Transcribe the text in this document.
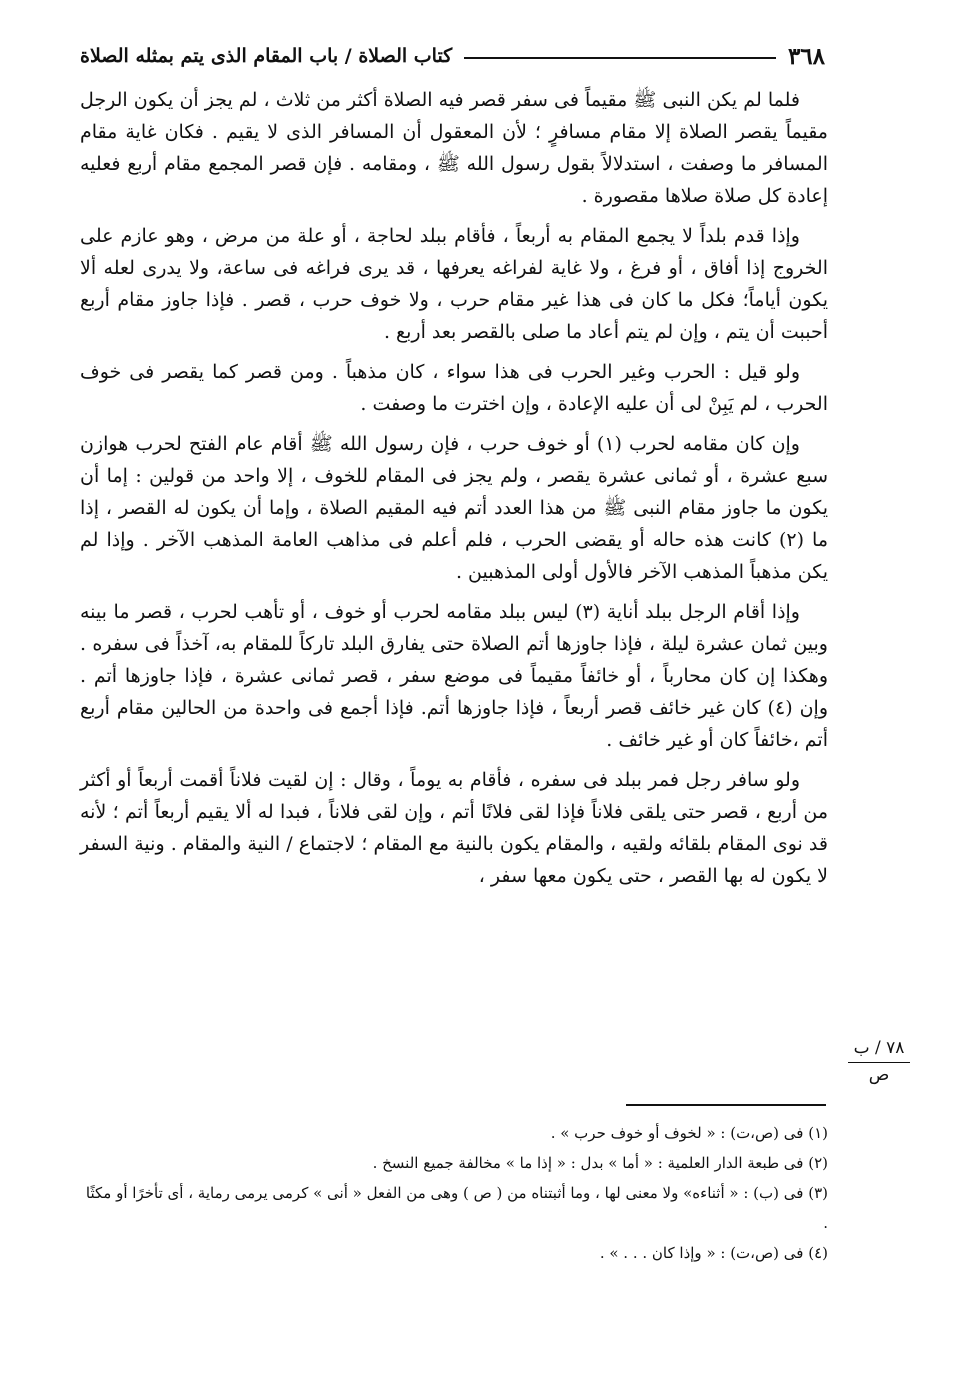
٣٦٨
كتاب الصلاة / باب المقام الذى يتم بمثله الصلاة

فلما لم يكن النبى ﷺ مقيماً فى سفر قصر فيه الصلاة أكثر من ثلاث ، لم يجز أن يكون الرجل مقيماً يقصر الصلاة إلا مقام مسافرٍ ؛ لأن المعقول أن المسافر الذى لا يقيم . فكان غاية مقام المسافر ما وصفت ، استدلالاً بقول رسول الله ﷺ ، ومقامه . فإن قصر المجمع مقام أربع فعليه إعادة كل صلاة صلاها مقصورة .

وإذا قدم بلداً لا يجمع المقام به أربعاً ، فأقام ببلد لحاجة ، أو علة من مرض ، وهو عازم على الخروج إذا أفاق ، أو فرغ ، ولا غاية لفراغه يعرفها ، قد يرى فراغه فى ساعة، ولا يدرى لعله ألا يكون أياماً؛ فكل ما كان فى هذا غير مقام حرب ، ولا خوف حرب ، قصر . فإذا جاوز مقام أربع أحببت أن يتم ، وإن لم يتم أعاد ما صلى بالقصر بعد أربع .

ولو قيل : الحرب وغير الحرب فى هذا سواء ، كان مذهباً . ومن قصر كما يقصر فى خوف الحرب ، لم يَبِنْ لى أن عليه الإعادة ، وإن اخترت ما وصفت .

وإن كان مقامه لحرب (١) أو خوف حرب ، فإن رسول الله ﷺ أقام عام الفتح لحرب هوازن سبع عشرة ، أو ثمانى عشرة يقصر ، ولم يجز فى المقام للخوف ، إلا واحد من قولين : إما أن يكون ما جاوز مقام النبى ﷺ من هذا العدد أتم فيه المقيم الصلاة ، وإما أن يكون له القصر ، إذا ما (٢) كانت هذه حاله أو يقضى الحرب ، فلم أعلم فى مذاهب العامة المذهب الآخر . وإذا لم يكن مذهباً المذهب الآخر فالأول أولى المذهبين .

وإذا أقام الرجل ببلد أناية (٣) ليس ببلد مقامه لحرب أو خوف ، أو تأهب لحرب ، قصر ما بينه وبين ثمان عشرة ليلة ، فإذا جاوزها أتم الصلاة حتى يفارق البلد تاركاً للمقام به، آخذاً فى سفره . وهكذا إن كان محارباً ، أو خائفاً مقيماً فى موضع سفر ، قصر ثمانى عشرة ، فإذا جاوزها أتم . وإن (٤) كان غير خائف قصر أربعاً ، فإذا جاوزها أتم. فإذا أجمع فى واحدة من الحالين مقام أربع أتم ،خائفاً كان أو غير خائف .

ولو سافر رجل فمر ببلد فى سفره ، فأقام به يوماً ، وقال : إن لقيت فلاناً أقمت أربعاً أو أكثر من أربع ، قصر حتى يلقى فلاناً فإذا لقى فلانًا أتم ، وإن لقى فلاناً ، فبدا له ألا يقيم أربعاً أتم ؛ لأنه قد نوى المقام بلقائه ولقيه ، والمقام يكون بالنية مع المقام ؛ لاجتماع / النية والمقام . ونية السفر لا يكون له بها القصر ، حتى يكون معها سفر ،

٧٨ / ب
ص

(١) فى (ص،ت) : « لخوف أو خوف حرب » .

(٢) فى طبعة الدار العلمية : « أما » بدل : « إذا ما » مخالفة جميع النسخ .

(٣) فى (ب) : « أثناءه» ولا معنى لها ، وما أثبتناه من ( ص ) وهى من الفعل « أنى » كرمى يرمى رماية ، أى تأخرًا أو مكثًا .

(٤) فى (ص،ت) : « وإذا كان . . . » .
